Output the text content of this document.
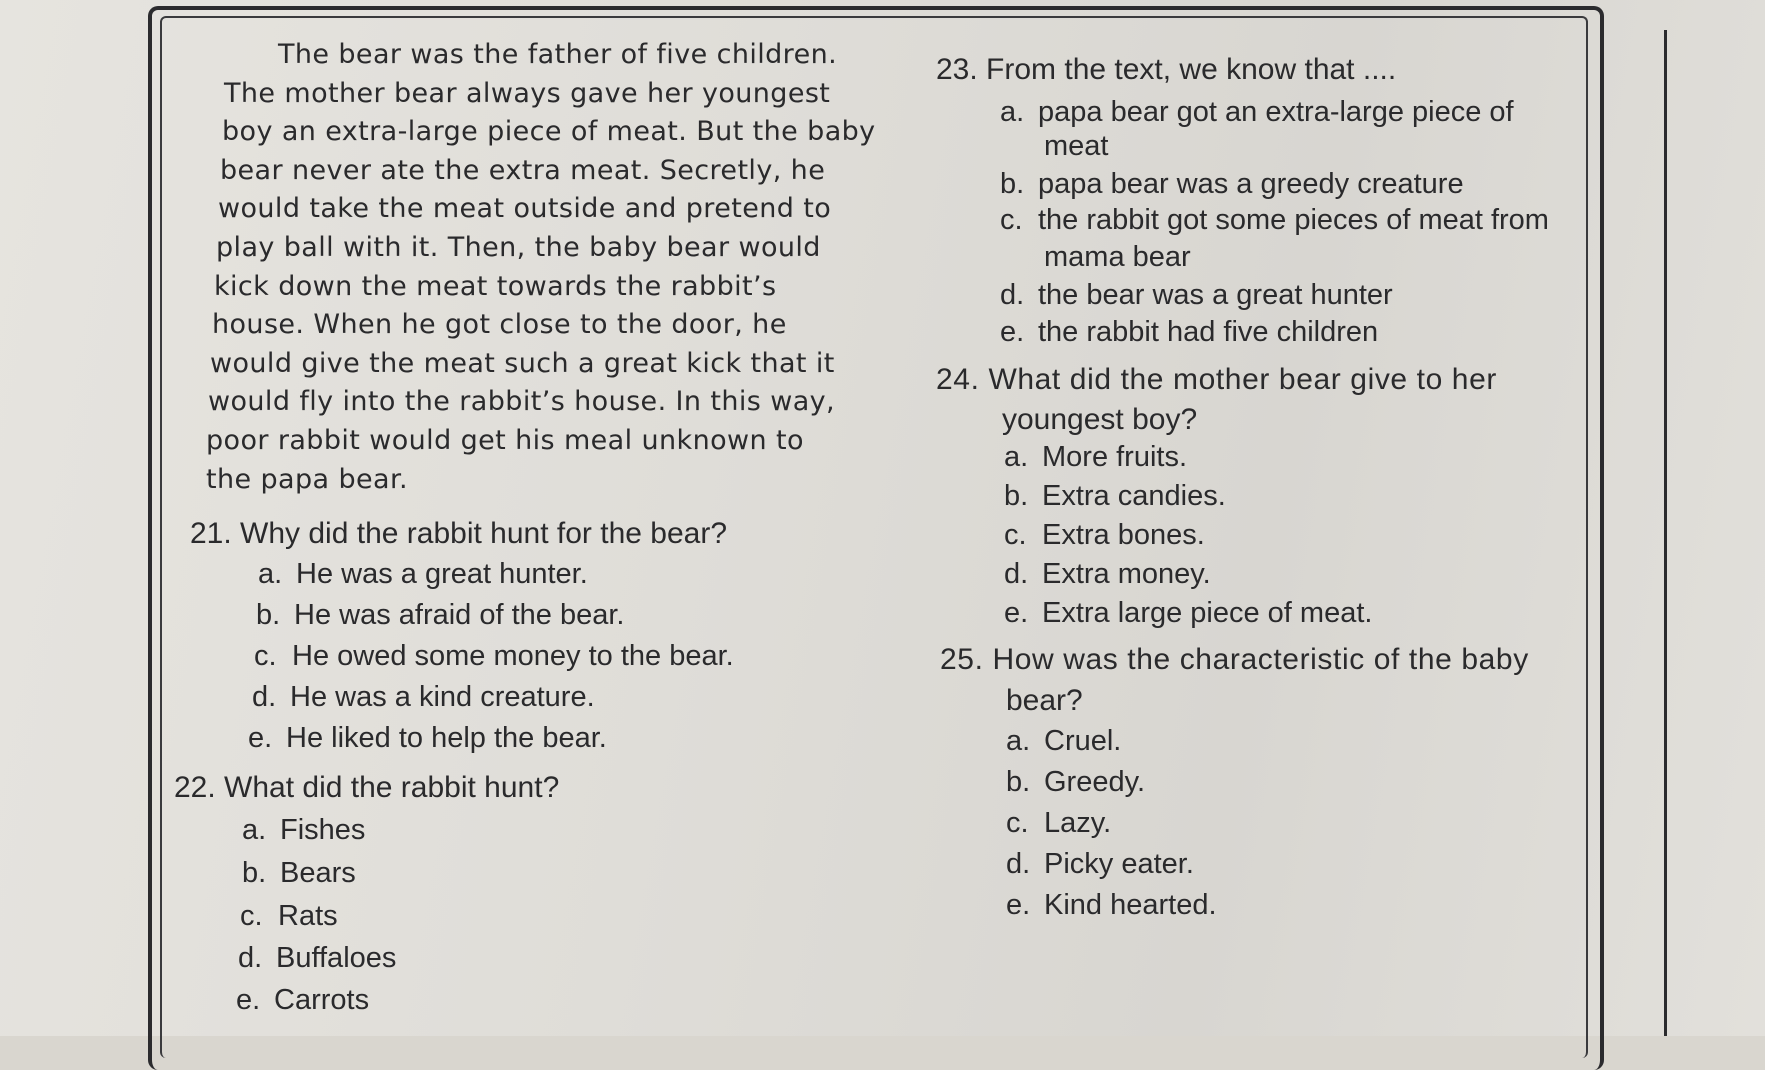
The bear was the father of five children.
The mother bear always gave her youngest
boy an extra-large piece of meat. But the baby
bear never ate the extra meat. Secretly, he
would take the meat outside and pretend to
play ball with it. Then, the baby bear would
kick down the meat towards the rabbit’s
house. When he got close to the door, he
would give the meat such a great kick that it
would fly into the rabbit’s house. In this way,
poor rabbit would get his meal unknown to
the papa bear.

21. Why did the rabbit hunt for the bear?

a. He was a great hunter.
b. He was afraid of the bear.
c. He owed some money to the bear.
d. He was a kind creature.
e. He liked to help the bear.

22. What did the rabbit hunt?

a. Fishes
b. Bears
c. Rats
d. Buffaloes
e. Carrots

23. From the text, we know that ....

a. papa bear got an extra-large piece of
meat
b. papa bear was a greedy creature
c. the rabbit got some pieces of meat from
mama bear
d. the bear was a great hunter
e. the rabbit had five children

24. What did the mother bear give to her

youngest boy?
a. More fruits.
b. Extra candies.
c. Extra bones.
d. Extra money.
e. Extra large piece of meat.

25. How was the characteristic of the baby

bear?
a. Cruel.
b. Greedy.
c. Lazy.
d. Picky eater.
e. Kind hearted.
